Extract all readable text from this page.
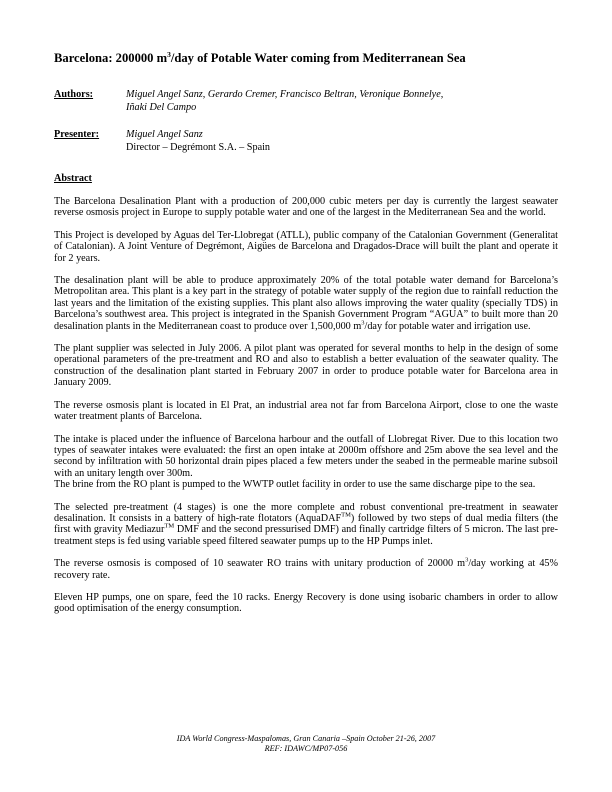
Barcelona: 200000 $m^3$/day of Potable Water coming from Mediterranean Sea
Authors:	Miguel Angel Sanz, Gerardo Cremer, Francisco Beltran, Veronique Bonnelye,
Iñaki Del Campo
Presenter:	Miguel Angel Sanz
Director – Degrémont S.A. – Spain
Abstract

The Barcelona Desalination Plant with a production of 200,000 cubic meters per day is currently the largest seawater reverse osmosis project in Europe to supply potable water and one of the largest in the Mediterranean Sea and the world.

This Project is developed by Aguas del Ter-Llobregat (ATLL), public company of the Catalonian Government (Generalitat of Catalonian). A Joint Venture of Degrémont, Aigües de Barcelona and Dragados-Drace will built the plant and operate it for 2 years.

The desalination plant will be able to produce approximately 20% of the total potable water demand for Barcelona’s Metropolitan area. This plant is a key part in the strategy of potable water supply of the region due to rainfall reduction the last years and the limitation of the existing supplies. This plant also allows improving the water quality (specially TDS) in Barcelona’s southwest area. This project is integrated in the Spanish Government Program “AGUA” to built more than 20 desalination plants in the Mediterranean coast to produce over 1,500,000 $m^3$/day for potable water and irrigation use.

The plant supplier was selected in July 2006. A pilot plant was operated for several months to help in the design of some operational parameters of the pre-treatment and RO and also to establish a better evaluation of the seawater quality. The construction of the desalination plant started in February 2007 in order to produce potable water for Barcelona area in January 2009.

The reverse osmosis plant is located in El Prat, an industrial area not far from Barcelona Airport, close to one the waste water treatment plants of Barcelona.

The intake is placed under the influence of Barcelona harbour and the outfall of Llobregat River. Due to this location two types of seawater intakes were evaluated: the first an open intake at 2000m offshore and 25m above the sea level and the second by infiltration with 50 horizontal drain pipes placed a few meters under the seabed in the permeable marine subsoil with an unitary length over 300m.

The brine from the RO plant is pumped to the WWTP outlet facility in order to use the same discharge pipe to the sea.

The selected pre-treatment (4 stages) is one the more complete and robust conventional pre-treatment in seawater desalination. It consists in a battery of high-rate flotators (AquaDAF™) followed by two steps of dual media filters (the first with gravity Mediazur™ DMF and the second pressurised DMF) and finally cartridge filters of 5 micron. The last pre-treatment steps is fed using variable speed filtered seawater pumps up to the HP Pumps inlet.

The reverse osmosis is composed of 10 seawater RO trains with unitary production of 20000 $m^3$/day working at 45% recovery rate.

Eleven HP pumps, one on spare, feed the 10 racks. Energy Recovery is done using isobaric chambers in order to allow good optimisation of the energy consumption.

IDA World Congress-Maspalomas, Gran Canaria –Spain October 21-26, 2007
REF: IDAWC/MP07-056
